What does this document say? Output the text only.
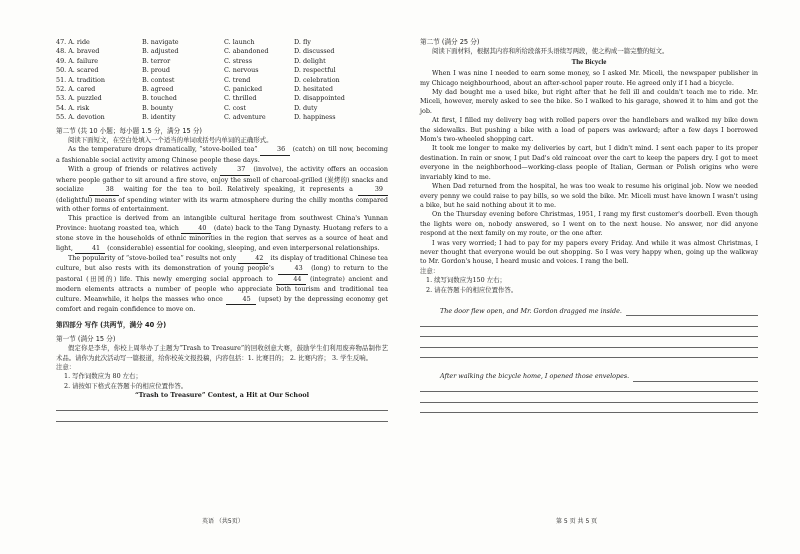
47. A. ride	B. navigate	C. launch	D. fly
48. A. braved	B. adjusted	C. abandoned	D. discussed
49. A. failure	B. terror	C. stress	D. delight
50. A. scared	B. proud	C. nervous	D. respectful
51. A. tradition	B. contest	C. trend	D. celebration
52. A. cared	B. agreed	C. panicked	D. hesitated
53. A. puzzled	B. touched	C. thrilled	D. disappointed
54. A. risk	B. bounty	C. cost	D. duty
55. A. devotion	B. identity	C. adventure	D. happiness
第二节 (共 10 小题；每小题 1.5 分，满分 15 分)

阅读下面短文，在空白处填入一个适当的单词或括号内单词的正确形式。

As the temperature drops dramatically, “stove-boiled tea”	36 (catch) on till now, becoming a fashionable social activity among Chinese people these days.

With a group of friends or relatives actively	37 (involve), the activity offers an occasion where people gather to sit around a fire stove, enjoy the smell of charcoal-grilled (炭烤的) snacks and socialize	38 waiting for the tea to boil. Relatively speaking, it represents a	39 (delightful) means of spending winter with its warm atmosphere during the chilly months compared with other forms of entertainment.

This practice is derived from an intangible cultural heritage from southwest China's Yunnan Province: huotang roasted tea, which	40 (date) back to the Tang Dynasty. Huotang refers to a stone stove in the households of ethnic minorities in the region that serves as a source of heat and light,	41 (considerable) essential for cooking, sleeping, and even interpersonal relationships.

The popularity of “stove-boiled tea” results not only	42 its display of traditional Chinese tea culture, but also rests with its demonstration of young people's	43 (long) to return to the pastoral (田园的) life. This newly emerging social approach to	44 (integrate) ancient and modern elements attracts a number of people who appreciate both tourism and traditional tea culture. Meanwhile, it helps the masses who once	45 (upset) by the depressing economy get comfort and regain confidence to move on.

第四部分 写作 (共两节，满分 40 分)
第一节 (满分 15 分)

假定你是李华，你校上周举办了主题为“Trash to Treasure”的回收创意大赛，鼓励学生们利用废弃物品制作艺术品。请你为此次活动写一篇报道，给你校英文报投稿，内容包括：1. 比赛目的； 2. 比赛内容； 3. 学生反响。

注意：
1. 写作词数应为 80 左右；
2. 请按如下格式在答题卡的相应位置作答。
“Trash to Treasure” Contest, a Hit at Our School
第二节 (满分 25 分)

阅读下面材料，根据其内容和所给段落开头语续写两段，使之构成一篇完整的短文。

The Bicycle

When I was nine I needed to earn some money, so I asked Mr. Miceli, the newspaper publisher in my Chicago neighbourhood, about an after-school paper route. He agreed only if I had a bicycle.

My dad bought me a used bike, but right after that he fell ill and couldn't teach me to ride. Mr. Miceli, however, merely asked to see the bike. So I walked to his garage, showed it to him and got the job.

At first, I filled my delivery bag with rolled papers over the handlebars and walked my bike down the sidewalks. But pushing a bike with a load of papers was awkward; after a few days I borrowed Mom's two-wheeled shopping cart.

It took me longer to make my deliveries by cart, but I didn't mind. I sent each paper to its proper destination. In rain or snow, I put Dad's old raincoat over the cart to keep the papers dry. I got to meet everyone in the neighborhood—working-class people of Italian, German or Polish origins who were invariably kind to me.

When Dad returned from the hospital, he was too weak to resume his original job. Now we needed every penny we could raise to pay bills, so we sold the bike. Mr. Miceli must have known I wasn't using a bike, but he said nothing about it to me.

On the Thursday evening before Christmas, 1951, I rang my first customer's doorbell. Even though the lights were on, nobody answered, so I went on to the next house. No answer, nor did anyone respond at the next family on my route, or the one after.

I was very worried; I had to pay for my papers every Friday. And while it was almost Christmas, I never thought that everyone would be out shopping. So I was very happy when, going up the walkway to Mr. Gordon's house, I heard music and voices. I rang the bell.

注意：
1. 续写词数应为150 左右；
2. 请在答题卡的相应位置作答。
The door flew open, and Mr. Gordon dragged me inside.
After walking the bicycle home, I opened those envelopes.
英语 （共5页）	第 5 页 共 5 页
